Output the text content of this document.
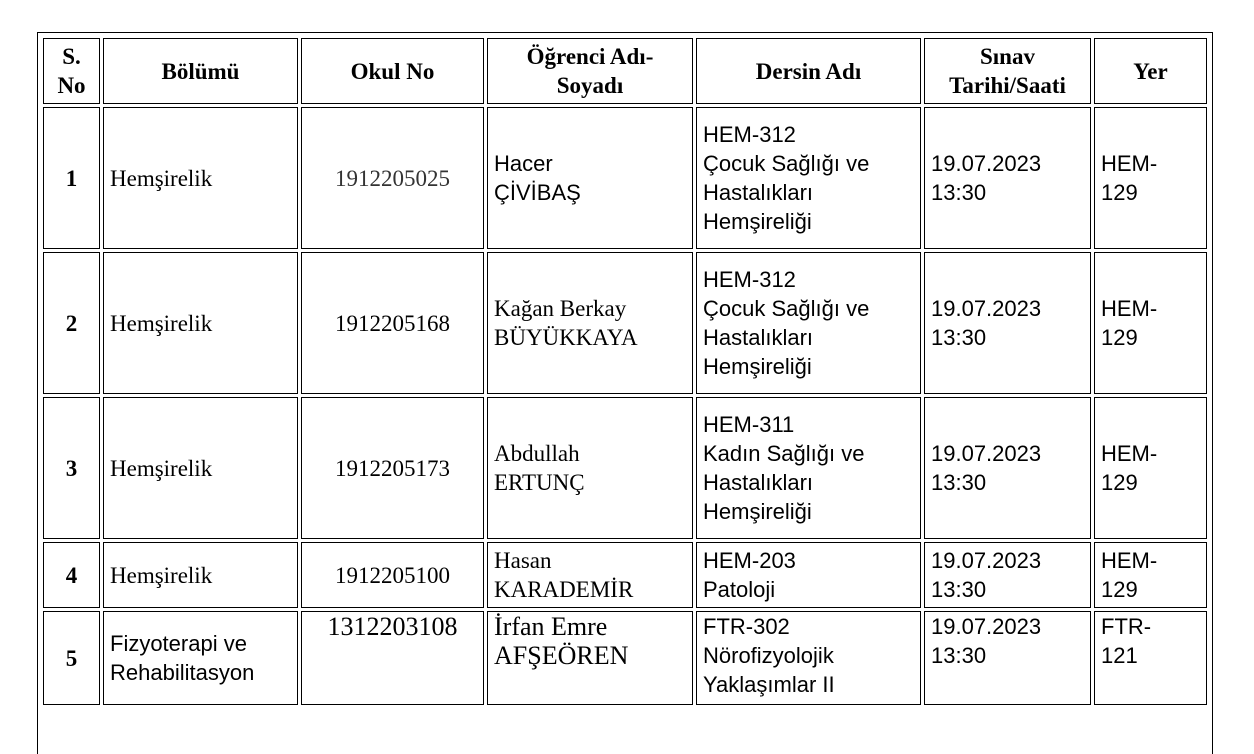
S.
No	Bölümü	Okul No	Öğrenci Adı-
Soyadı	Dersin Adı	Sınav
Tarihi/Saati	Yer
1	Hemşirelik	1912205025	Hacer
ÇİVİBAŞ	HEM-312
Çocuk Sağlığı ve
Hastalıkları
Hemşireliği	19.07.2023
13:30	HEM-
129

2	Hemşirelik	1912205168	Kağan Berkay
BÜYÜKKAYA	HEM-312
Çocuk Sağlığı ve
Hastalıkları
Hemşireliği	19.07.2023
13:30	HEM-
129

3	Hemşirelik	1912205173	Abdullah
ERTUNÇ	HEM-311
Kadın Sağlığı ve
Hastalıkları
Hemşireliği	19.07.2023
13:30	HEM-
129

4	Hemşirelik	1912205100	Hasan
KARADEMİR	HEM-203
Patoloji	19.07.2023
13:30	HEM-
129

5	Fizyoterapi ve
Rehabilitasyon	1312203108	İrfan Emre
AFŞEÖREN	FTR-302
Nörofizyolojik
Yaklaşımlar II	19.07.2023
13:30	FTR-
121
